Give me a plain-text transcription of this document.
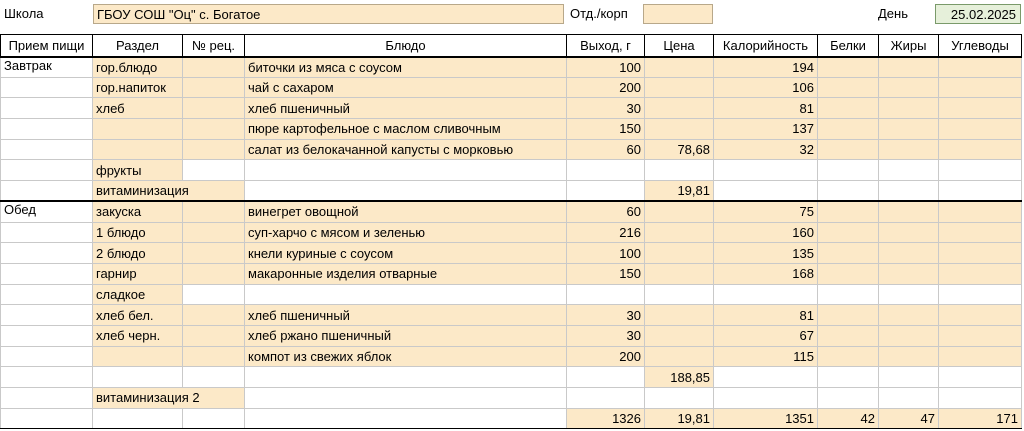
Школа	ГБОУ СОШ "Оц" с. Богатое	Отд./корп	День	25.02.2025
Прием пищи	Раздел	№ рец.	Блюдо	Выход, г	Цена	Калорийность	Белки	Жиры	Углеводы
Завтрак	гор.блюдо		биточки из мяса с соусом	100		194			
	гор.напиток		чай с сахаром	200		106			
	хлеб		хлеб пшеничный	30		81			
			пюре картофельное с маслом сливочным	150		137			
			салат из белокачанной капусты с морковью	60	78,68	32			
	фрукты								
	витаминизация				19,81				
Обед	закуска		винегрет овощной	60		75			
	1 блюдо		суп-харчо с мясом и зеленью	216		160			
	2 блюдо		кнели куриные с соусом	100		135			
	гарнир		макаронные изделия отварные	150		168			
	сладкое								
	хлеб бел.		хлеб пшеничный	30		81			
	хлеб черн.		хлеб ржано пшеничный	30		67			
			компот из свежих яблок	200		115			
					188,85				
	витаминизация 2								
				1326	19,81	1351	42	47	171
